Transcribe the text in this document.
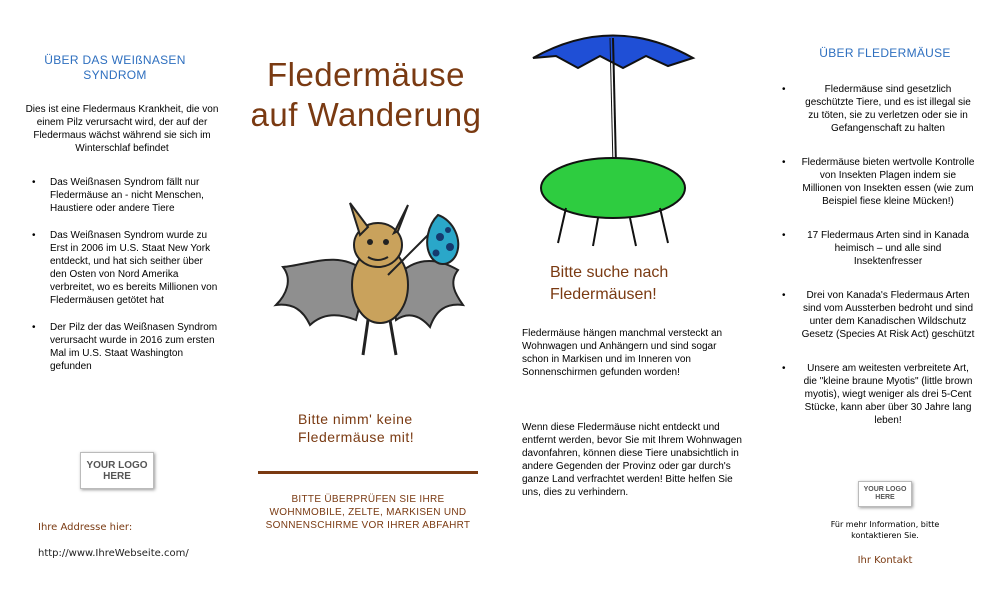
ÜBER DAS WEIßNASEN SYNDROM
Dies ist eine Fledermaus Krankheit, die von einem Pilz verursacht wird, der auf der Fledermaus wächst während sie sich im Winterschlaf befindet
• Das Weißnasen Syndrom fällt nur Fledermäuse an - nicht Menschen, Haustiere oder andere Tiere
• Das Weißnasen Syndrom wurde zu Erst in 2006 im U.S. Staat New York entdeckt, und hat sich seither über den Osten von Nord Amerika verbreitet, wo es bereits Millionen von Fledermäusen getötet hat
• Der Pilz der das Weißnasen Syndrom verursacht wurde in 2016 zum ersten Mal im U.S. Staat Washington gefunden
YOUR LOGO HERE
Ihre Addresse hier:
http://www.IhreWebseite.com/
Fledermäuse auf Wanderung
Bitte nimm' keine Fledermäuse mit!
BITTE ÜBERPRÜFEN SIE IHRE WOHNMOBILE, ZELTE, MARKISEN UND SONNENSCHIRME VOR IHRER ABFAHRT
Bitte suche nach Fledermäusen!
Fledermäuse hängen manchmal versteckt an Wohnwagen und Anhängern und sind sogar schon in Markisen und im Inneren von Sonnenschirmen gefunden worden!
Wenn diese Fledermäuse nicht entdeckt und entfernt werden, bevor Sie mit Ihrem Wohnwagen davonfahren, können diese Tiere unabsichtlich in andere Gegenden der Provinz oder gar durch's ganze Land verfrachtet werden! Bitte helfen Sie uns, dies zu verhindern.
ÜBER FLEDERMÄUSE
• Fledermäuse sind gesetzlich geschützte Tiere, und es ist illegal sie zu töten, sie zu verletzen oder sie in Gefangenschaft zu halten
• Fledermäuse bieten wertvolle Kontrolle von Insekten Plagen indem sie Millionen von Insekten essen (wie zum Beispiel fiese kleine Mücken!)
• 17 Fledermaus Arten sind in Kanada heimisch – und alle sind Insektenfresser
• Drei von Kanada's Fledermaus Arten sind vom Aussterben bedroht und sind unter dem Kanadischen Wildschutz Gesetz (Species At Risk Act) geschützt
• Unsere am weitesten verbreitete Art, die "kleine braune Myotis" (little brown myotis), wiegt weniger als drei 5-Cent Stücke, kann aber über 30 Jahre lang leben!
YOUR LOGO HERE
Für mehr Information, bitte kontaktieren Sie.
Ihr Kontakt
